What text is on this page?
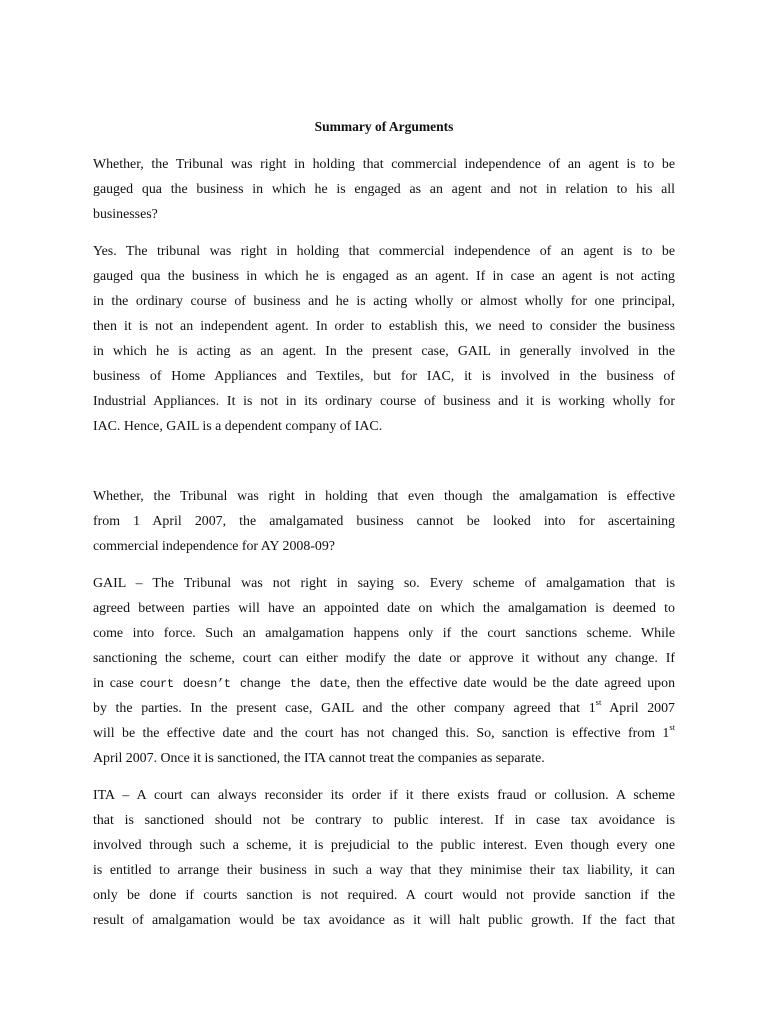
Summary of Arguments
Whether, the Tribunal was right in holding that commercial independence of an agent is to be
gauged qua the business in which he is engaged as an agent and not in relation to his all
businesses?
Yes. The tribunal was right in holding that commercial independence of an agent is to be
gauged qua the business in which he is engaged as an agent. If in case an agent is not acting
in the ordinary course of business and he is acting wholly or almost wholly for one principal,
then it is not an independent agent. In order to establish this, we need to consider the business
in which he is acting as an agent. In the present case, GAIL in generally involved in the
business of Home Appliances and Textiles, but for IAC, it is involved in the business of
Industrial Appliances. It is not in its ordinary course of business and it is working wholly for
IAC. Hence, GAIL is a dependent company of IAC.
Whether, the Tribunal was right in holding that even though the amalgamation is effective
from 1 April 2007, the amalgamated business cannot be looked into for ascertaining
commercial independence for AY 2008-09?
GAIL – The Tribunal was not right in saying so. Every scheme of amalgamation that is
agreed between parties will have an appointed date on which the amalgamation is deemed to
come into force. Such an amalgamation happens only if the court sanctions scheme. While
sanctioning the scheme, court can either modify the date or approve it without any change. If
in case court doesn’t change the date, then the effective date would be the date agreed upon
by the parties. In the present case, GAIL and the other company agreed that 1st April 2007
will be the effective date and the court has not changed this. So, sanction is effective from 1st
April 2007. Once it is sanctioned, the ITA cannot treat the companies as separate.
ITA – A court can always reconsider its order if it there exists fraud or collusion. A scheme
that is sanctioned should not be contrary to public interest. If in case tax avoidance is
involved through such a scheme, it is prejudicial to the public interest. Even though every one
is entitled to arrange their business in such a way that they minimise their tax liability, it can
only be done if courts sanction is not required. A court would not provide sanction if the
result of amalgamation would be tax avoidance as it will halt public growth. If the fact that
